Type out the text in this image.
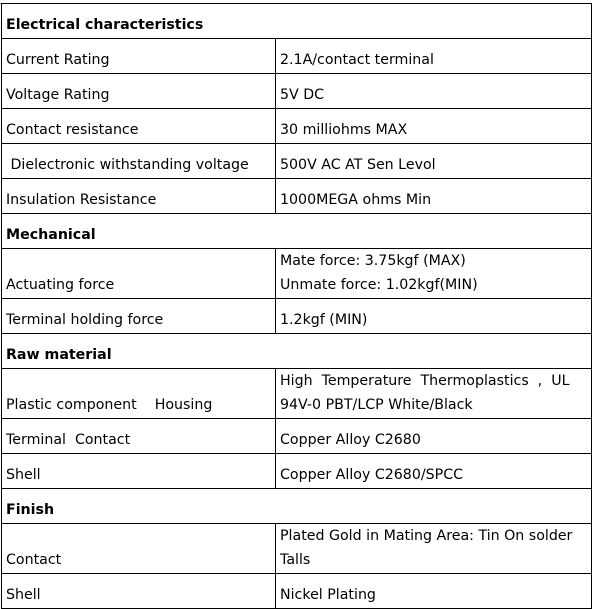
Electrical characteristics	
Current Rating	2.1A/contact terminal

Voltage Rating	5V DC

Contact resistance	30 milliohms MAX

Dielectronic withstanding voltage	500V AC AT Sen Levol

Insulation Resistance	1000MEGA ohms Min

Mechanical	
Actuating force	Mate force: 3.75kgf (MAX)
Unmate force: 1.02kgf(MIN)

Terminal holding force	1.2kgf (MIN)

Raw material	
Plastic component    Housing	High  Temperature  Thermoplastics  ,  UL
94V-0 PBT/LCP White/Black

Terminal  Contact	Copper Alloy C2680

Shell	Copper Alloy C2680/SPCC

Finish	
Contact	Plated Gold in Mating Area: Tin On solder
Talls

Shell	Nickel Plating
